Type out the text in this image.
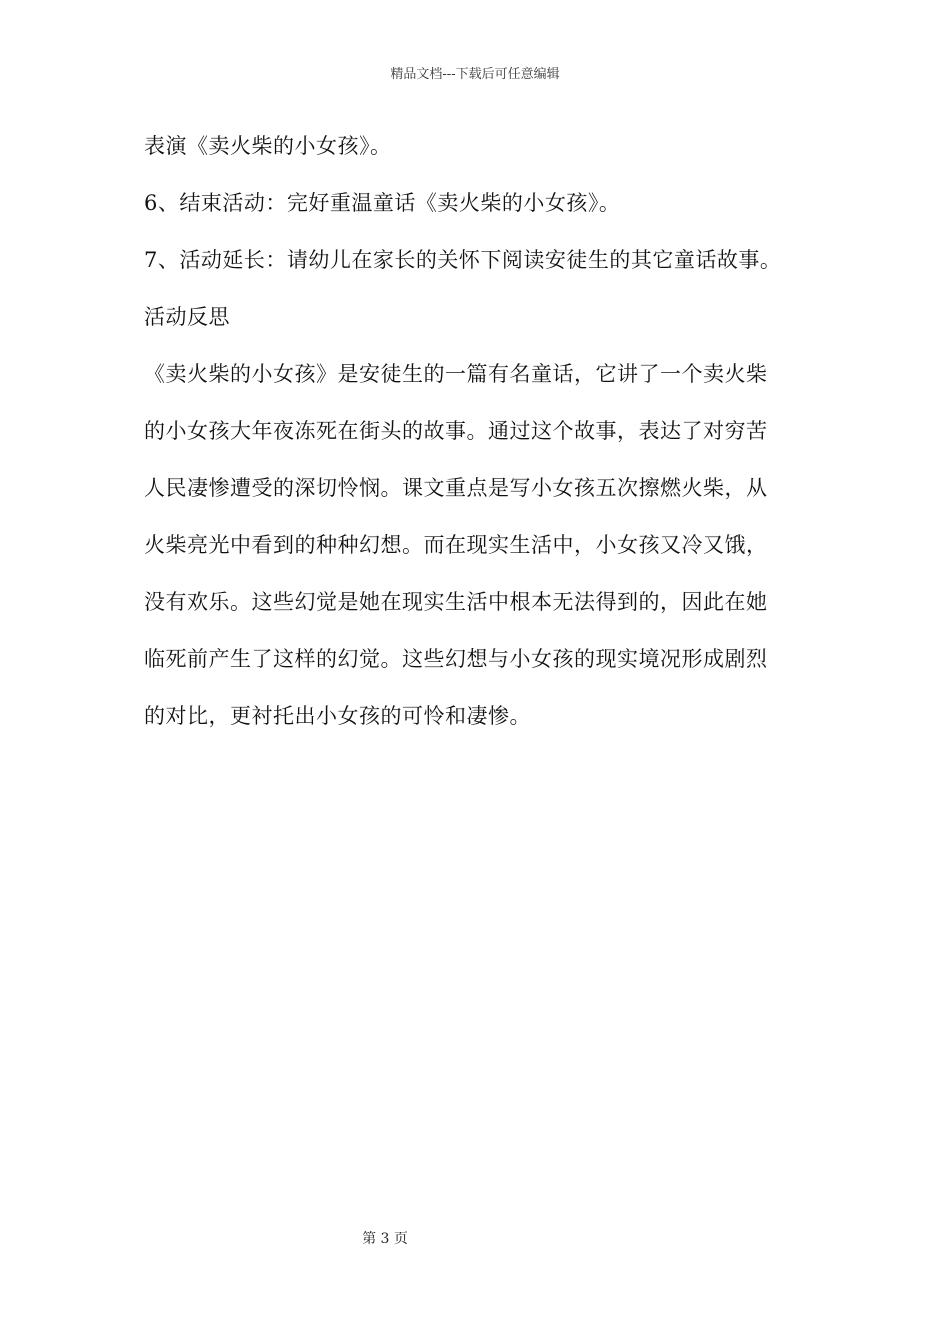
精品文档---下载后可任意编辑

表演《卖火柴的小女孩》。

6、结束活动：完好重温童话《卖火柴的小女孩》。

7、活动延长：请幼儿在家长的关怀下阅读安徒生的其它童话故事。

活动反思

《卖火柴的小女孩》是安徒生的一篇有名童话，它讲了一个卖火柴

的小女孩大年夜冻死在街头的故事。通过这个故事，表达了对穷苦

人民凄惨遭受的深切怜悯。课文重点是写小女孩五次擦燃火柴，从

火柴亮光中看到的种种幻想。而在现实生活中，小女孩又冷又饿，

没有欢乐。这些幻觉是她在现实生活中根本无法得到的，因此在她

临死前产生了这样的幻觉。这些幻想与小女孩的现实境况形成剧烈

的对比，更衬托出小女孩的可怜和凄惨。

第 3 页
